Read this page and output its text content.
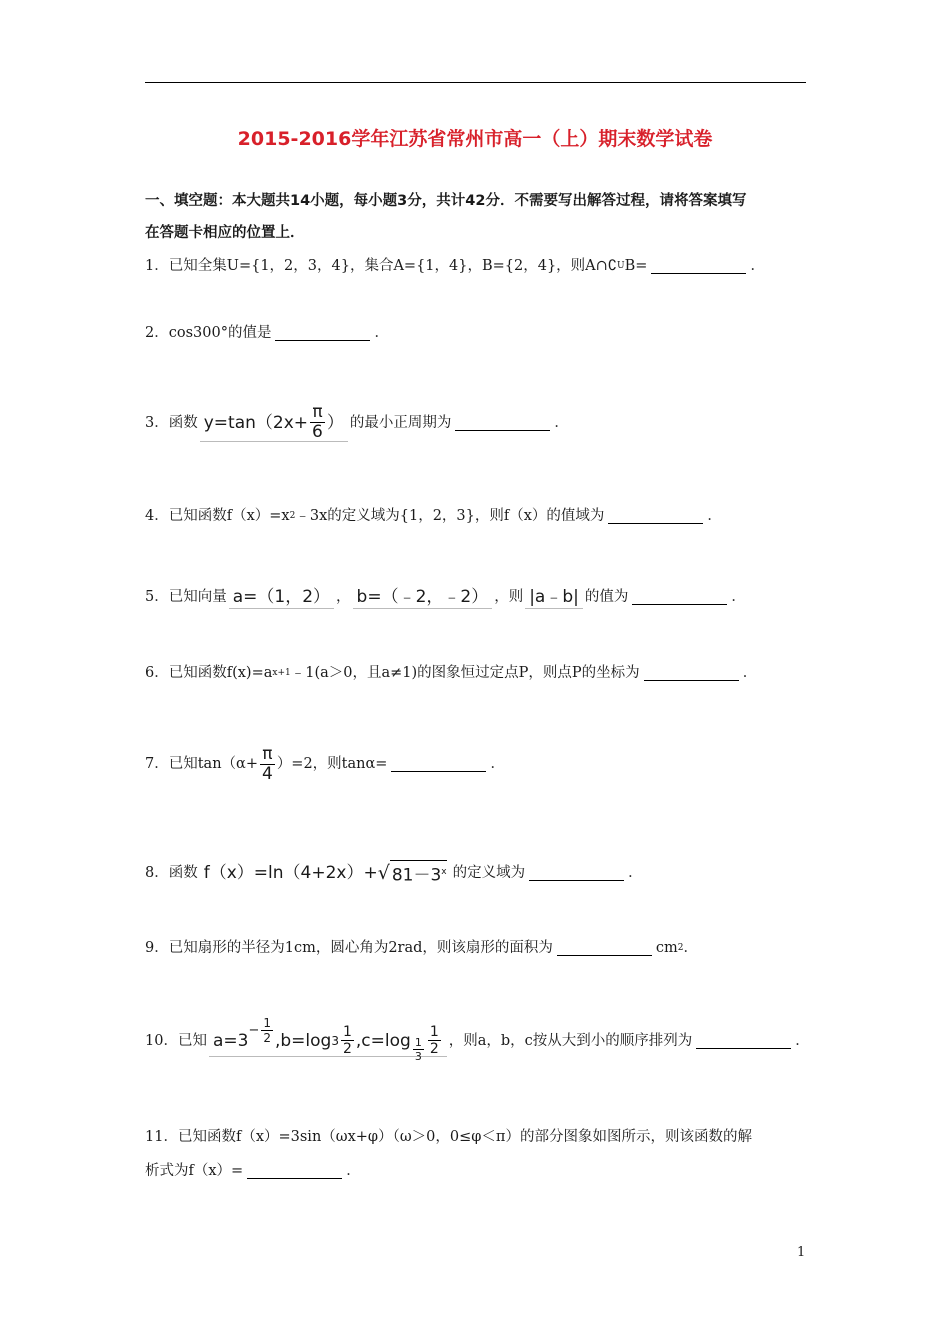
2015-2016学年江苏省常州市高一（上）期末数学试卷
一、填空题：本大题共14小题，每小题3分，共计42分．不需要写出解答过程，请将答案填写
在答题卡相应的位置上．
1．已知全集U={1，2，3，4}，集合A={1，4}，B={2，4}，则A∩∁ U B=	．
2．cos300°的值是	．
3．函数 $y=\tan(2x+ \frac{\pi}{6}$ ） 的最小正周期为	．
4．已知函数f（x）=x 2 ﹣3x的定义域为{1，2，3}，则f（x）的值域为	．
5．已知向量 a=（1，2） ， b=（﹣2，﹣2） ，则 |a﹣b| 的值为	．
6．已知函数f(x)=a x+1 ﹣1(a＞0，且a≠1)的图象恒过定点P，则点P的坐标为	．
7．已知$\tan(\alpha+ \frac{\pi}{4} )=2$，则tanα=	．
8．函数 f（x）=ln（4+2x）+ √ $81-3^x$ 的定义域为	．
9．已知扇形的半径为1cm，圆心角为2rad，则该扇形的面积为	cm 2 ．
10．已知 a=3
− $\frac{1}{2} ,b=\log$ $3 \frac{1}{2} ,c=\log \frac{1}{3} \frac{1}{2}$ ，则a，b，c按从大到小的顺序排列为	．
11．已知函数f（x）=3sin（ωx+φ）（ω＞0，0≤φ＜π）的部分图象如图所示，则该函数的解
析式为f（x）=	．
1
